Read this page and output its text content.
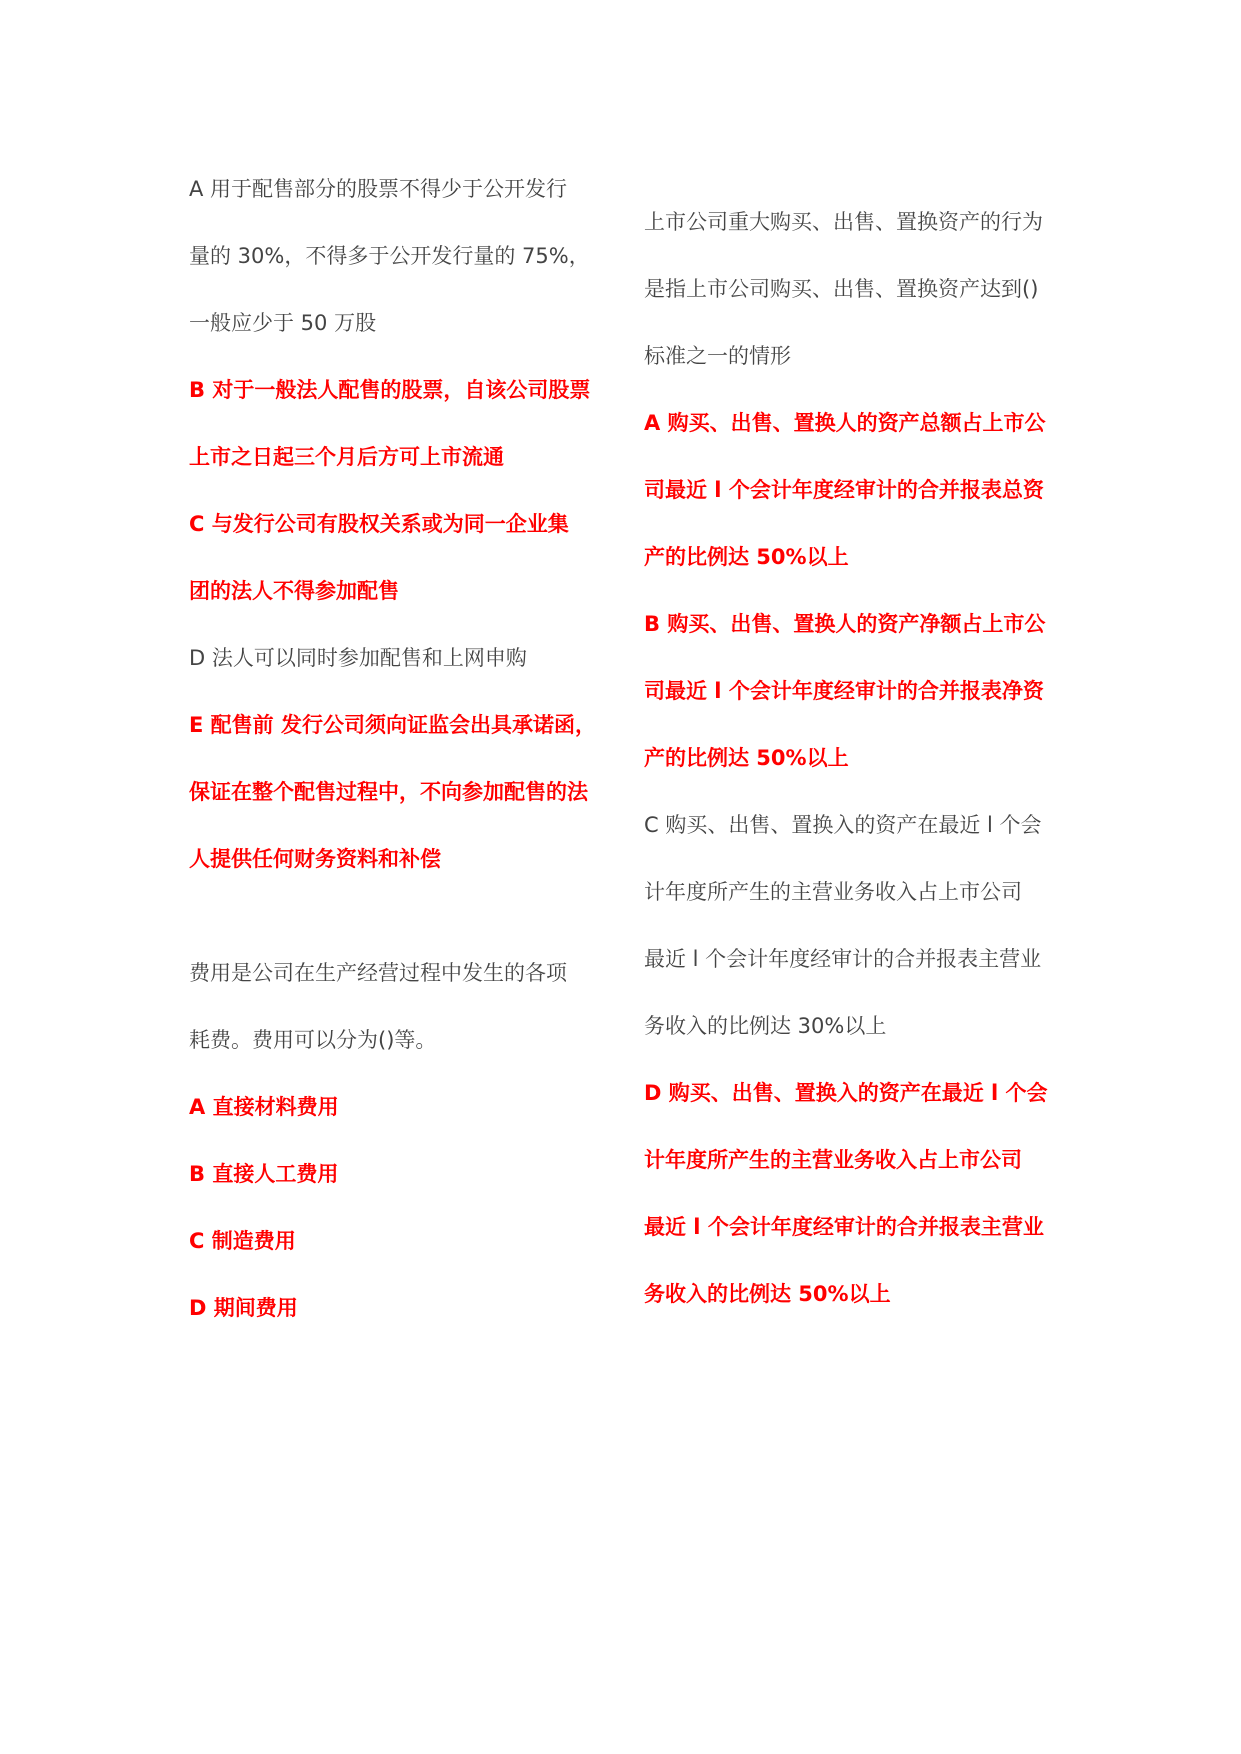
A 用于配售部分的股票不得少于公开发行
量的 30%，不得多于公开发行量的 75%，
一般应少于 50 万股
B 对于一般法人配售的股票，自该公司股票
上市之日起三个月后方可上市流通
C 与发行公司有股权关系或为同一企业集
团的法人不得参加配售
D 法人可以同时参加配售和上网申购
E 配售前 发行公司须向证监会出具承诺函，
保证在整个配售过程中，不向参加配售的法
人提供任何财务资料和补偿
费用是公司在生产经营过程中发生的各项
耗费。费用可以分为()等。
A 直接材料费用
B 直接人工费用
C 制造费用
D 期间费用
上市公司重大购买、出售、置换资产的行为
是指上市公司购买、出售、置换资产达到()
标准之一的情形
A 购买、出售、置换人的资产总额占上市公
司最近 l 个会计年度经审计的合并报表总资
产的比例达 50%以上
B 购买、出售、置换人的资产净额占上市公
司最近 l 个会计年度经审计的合并报表净资
产的比例达 50%以上
C 购买、出售、置换入的资产在最近 l 个会
计年度所产生的主营业务收入占上市公司
最近 l 个会计年度经审计的合并报表主营业
务收入的比例达 30%以上
D 购买、出售、置换入的资产在最近 l 个会
计年度所产生的主营业务收入占上市公司
最近 l 个会计年度经审计的合并报表主营业
务收入的比例达 50%以上
